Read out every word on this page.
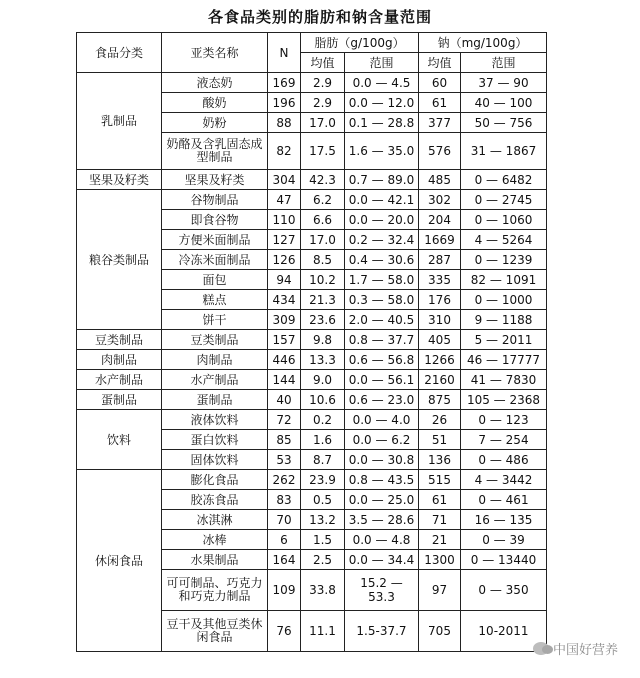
各食品类别的脂肪和钠含量范围
食品分类	亚类名称	N	脂肪（g/100g）		钠（mg/100g）	
			均值	范围	均值	范围
乳制品	液态奶	169	2.9	0.0 — 4.5	60	37 — 90
	酸奶	196	2.9	0.0 — 12.0	61	40 — 100
	奶粉	88	17.0	0.1 — 28.8	377	50 — 756
	奶酪及含乳固态成型制品	82	17.5	1.6 — 35.0	576	31 — 1867
坚果及籽类	坚果及籽类	304	42.3	0.7 — 89.0	485	0 — 6482
粮谷类制品	谷物制品	47	6.2	0.0 — 42.1	302	0 — 2745
	即食谷物	110	6.6	0.0 — 20.0	204	0 — 1060
	方便米面制品	127	17.0	0.2 — 32.4	1669	4 — 5264
	冷冻米面制品	126	8.5	0.4 — 30.6	287	0 — 1239
	面包	94	10.2	1.7 — 58.0	335	82 — 1091
	糕点	434	21.3	0.3 — 58.0	176	0 — 1000
	饼干	309	23.6	2.0 — 40.5	310	9 — 1188
豆类制品	豆类制品	157	9.8	0.8 — 37.7	405	5 — 2011
肉制品	肉制品	446	13.3	0.6 — 56.8	1266	46 — 17777
水产制品	水产制品	144	9.0	0.0 — 56.1	2160	41 — 7830
蛋制品	蛋制品	40	10.6	0.6 — 23.0	875	105 — 2368
饮料	液体饮料	72	0.2	0.0 — 4.0	26	0 — 123
	蛋白饮料	85	1.6	0.0 — 6.2	51	7 — 254
	固体饮料	53	8.7	0.0 — 30.8	136	0 — 486
休闲食品	膨化食品	262	23.9	0.8 — 43.5	515	4 — 3442
	胶冻食品	83	0.5	0.0 — 25.0	61	0 — 461
	冰淇淋	70	13.2	3.5 — 28.6	71	16 — 135
	冰棒	6	1.5	0.0 — 4.8	21	0 — 39
	水果制品	164	2.5	0.0 — 34.4	1300	0 — 13440
	可可制品、巧克力和巧克力制品	109	33.8	15.2 — 53.3	97	0 — 350
	豆干及其他豆类休闲食品	76	11.1	1.5-37.7	705	10-2011
中国好营养
